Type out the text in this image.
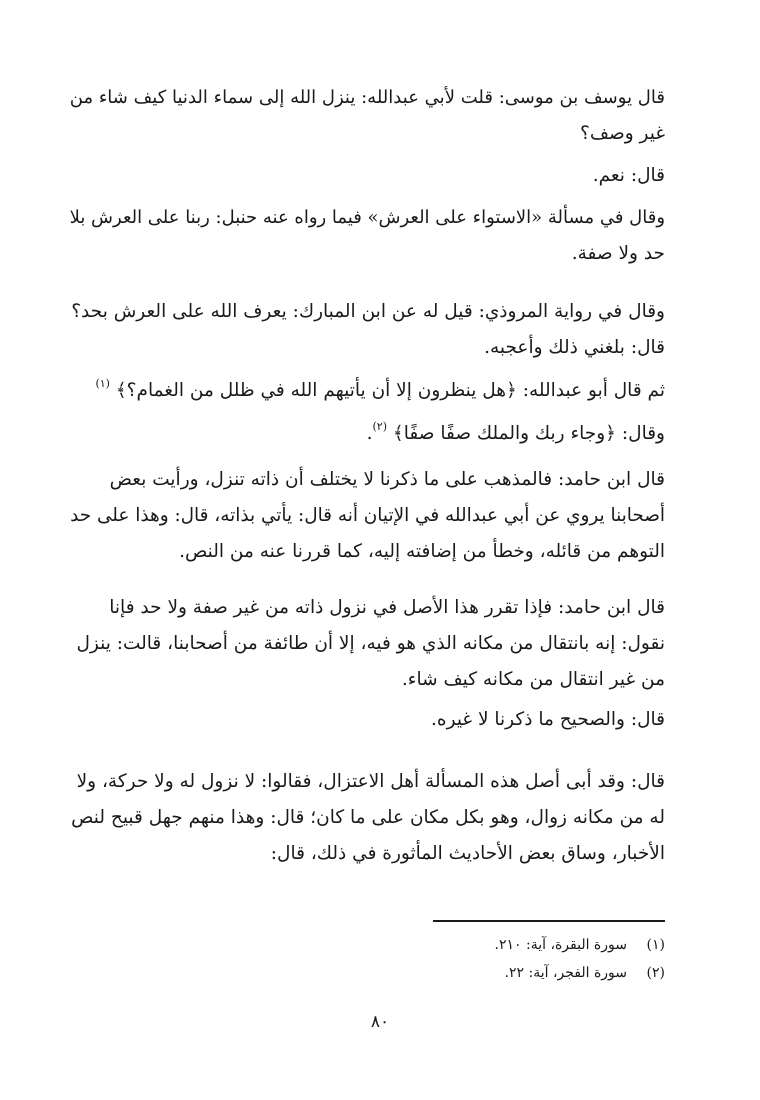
قال يوسف بن موسى: قلت لأبي عبدالله: ينزل الله إلى سماء الدنيا كيف شاء من
غير وصف؟
قال: نعم.
وقال في مسألة «الاستواء على العرش» فيما رواه عنه حنبل: ربنا على العرش بلا
حد ولا صفة.
وقال في رواية المروذي: قيل له عن ابن المبارك: يعرف الله على العرش بحد؟
قال: بلغني ذلك وأعجبه.
ثم قال أبو عبدالله: ﴿هل ينظرون إلا أن يأتيهم الله في ظلل من الغمام؟﴾ $^{(١)}$
وقال: ﴿وجاء ربك والملك صفًا صفًا﴾ $^{(٢)}$.
قال ابن حامد: فالمذهب على ما ذكرنا لا يختلف أن ذاته تنزل، ورأيت بعض
أصحابنا يروي عن أبي عبدالله في الإتيان أنه قال: يأتي بذاته، قال: وهذا على حد
التوهم من قائله، وخطأ من إضافته إليه، كما قررنا عنه من النص.
قال ابن حامد: فإذا تقرر هذا الأصل في نزول ذاته من غير صفة ولا حد فإنا
نقول: إنه بانتقال من مكانه الذي هو فيه، إلا أن طائفة من أصحابنا، قالت: ينزل
من غير انتقال من مكانه كيف شاء.
قال: والصحيح ما ذكرنا لا غيره.
قال: وقد أبى أصل هذه المسألة أهل الاعتزال، فقالوا: لا نزول له ولا حركة، ولا
له من مكانه زوال، وهو بكل مكان على ما كان؛ قال: وهذا منهم جهل قبيح لنص
الأخبار، وساق بعض الأحاديث المأثورة في ذلك، قال:
(١)سورة البقرة، آية: ٢١٠.
(٢)سورة الفجر، آية: ٢٢.
٨٠
